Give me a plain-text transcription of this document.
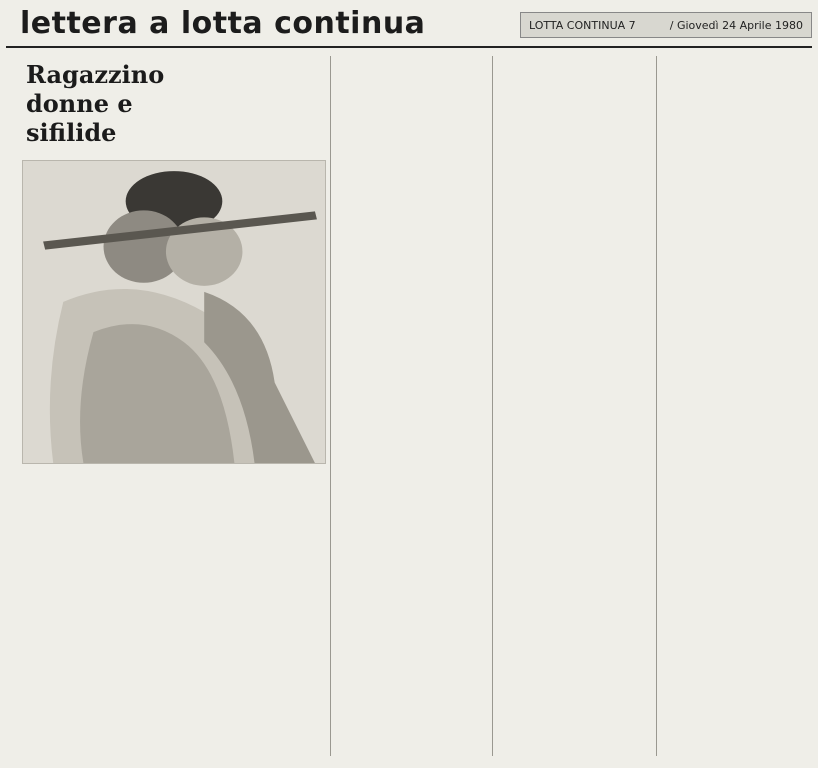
lettera a lotta continua	LOTTA CONTINUA 7	/ Giovedì 24 Aprile 1980
Ragazzino
donne e
sifilide
